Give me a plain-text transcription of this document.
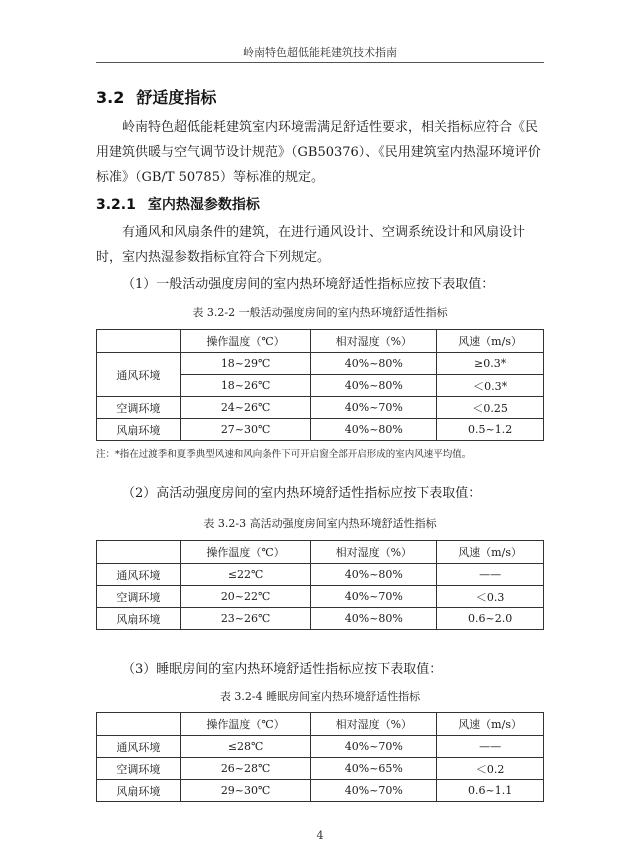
岭南特色超低能耗建筑技术指南
3.2 舒适度指标

岭南特色超低能耗建筑室内环境需满足舒适性要求，相关指标应符合《民用建筑供暖与空气调节设计规范》（GB50376）、《民用建筑室内热湿环境评价标准》（GB/T 50785）等标准的规定。

3.2.1 室内热湿参数指标

有通风和风扇条件的建筑，在进行通风设计、空调系统设计和风扇设计时，室内热湿参数指标宜符合下列规定。

（1）一般活动强度房间的室内热环境舒适性指标应按下表取值：

表 3.2-2 一般活动强度房间的室内热环境舒适性指标
	操作温度（℃）	相对湿度（%）	风速（m/s）
通风环境	18~29℃	40%~80%	≥0.3*
	18~26℃	40%~80%	＜0.3*
空调环境	24~26℃	40%~70%	＜0.25
风扇环境	27~30℃	40%~80%	0.5~1.2
注：*指在过渡季和夏季典型风速和风向条件下可开启窗全部开启形成的室内风速平均值。

（2）高活动强度房间的室内热环境舒适性指标应按下表取值：

表 3.2-3 高活动强度房间室内热环境舒适性指标
	操作温度（℃）	相对湿度（%）	风速（m/s）
通风环境	≤22℃	40%~80%	——
空调环境	20~22℃	40%~70%	＜0.3
风扇环境	23~26℃	40%~80%	0.6~2.0

（3）睡眠房间的室内热环境舒适性指标应按下表取值：

表 3.2-4 睡眠房间室内热环境舒适性指标
	操作温度（℃）	相对湿度（%）	风速（m/s）
通风环境	≤28℃	40%~70%	——
空调环境	26~28℃	40%~65%	＜0.2
风扇环境	29~30℃	40%~70%	0.6~1.1
4
